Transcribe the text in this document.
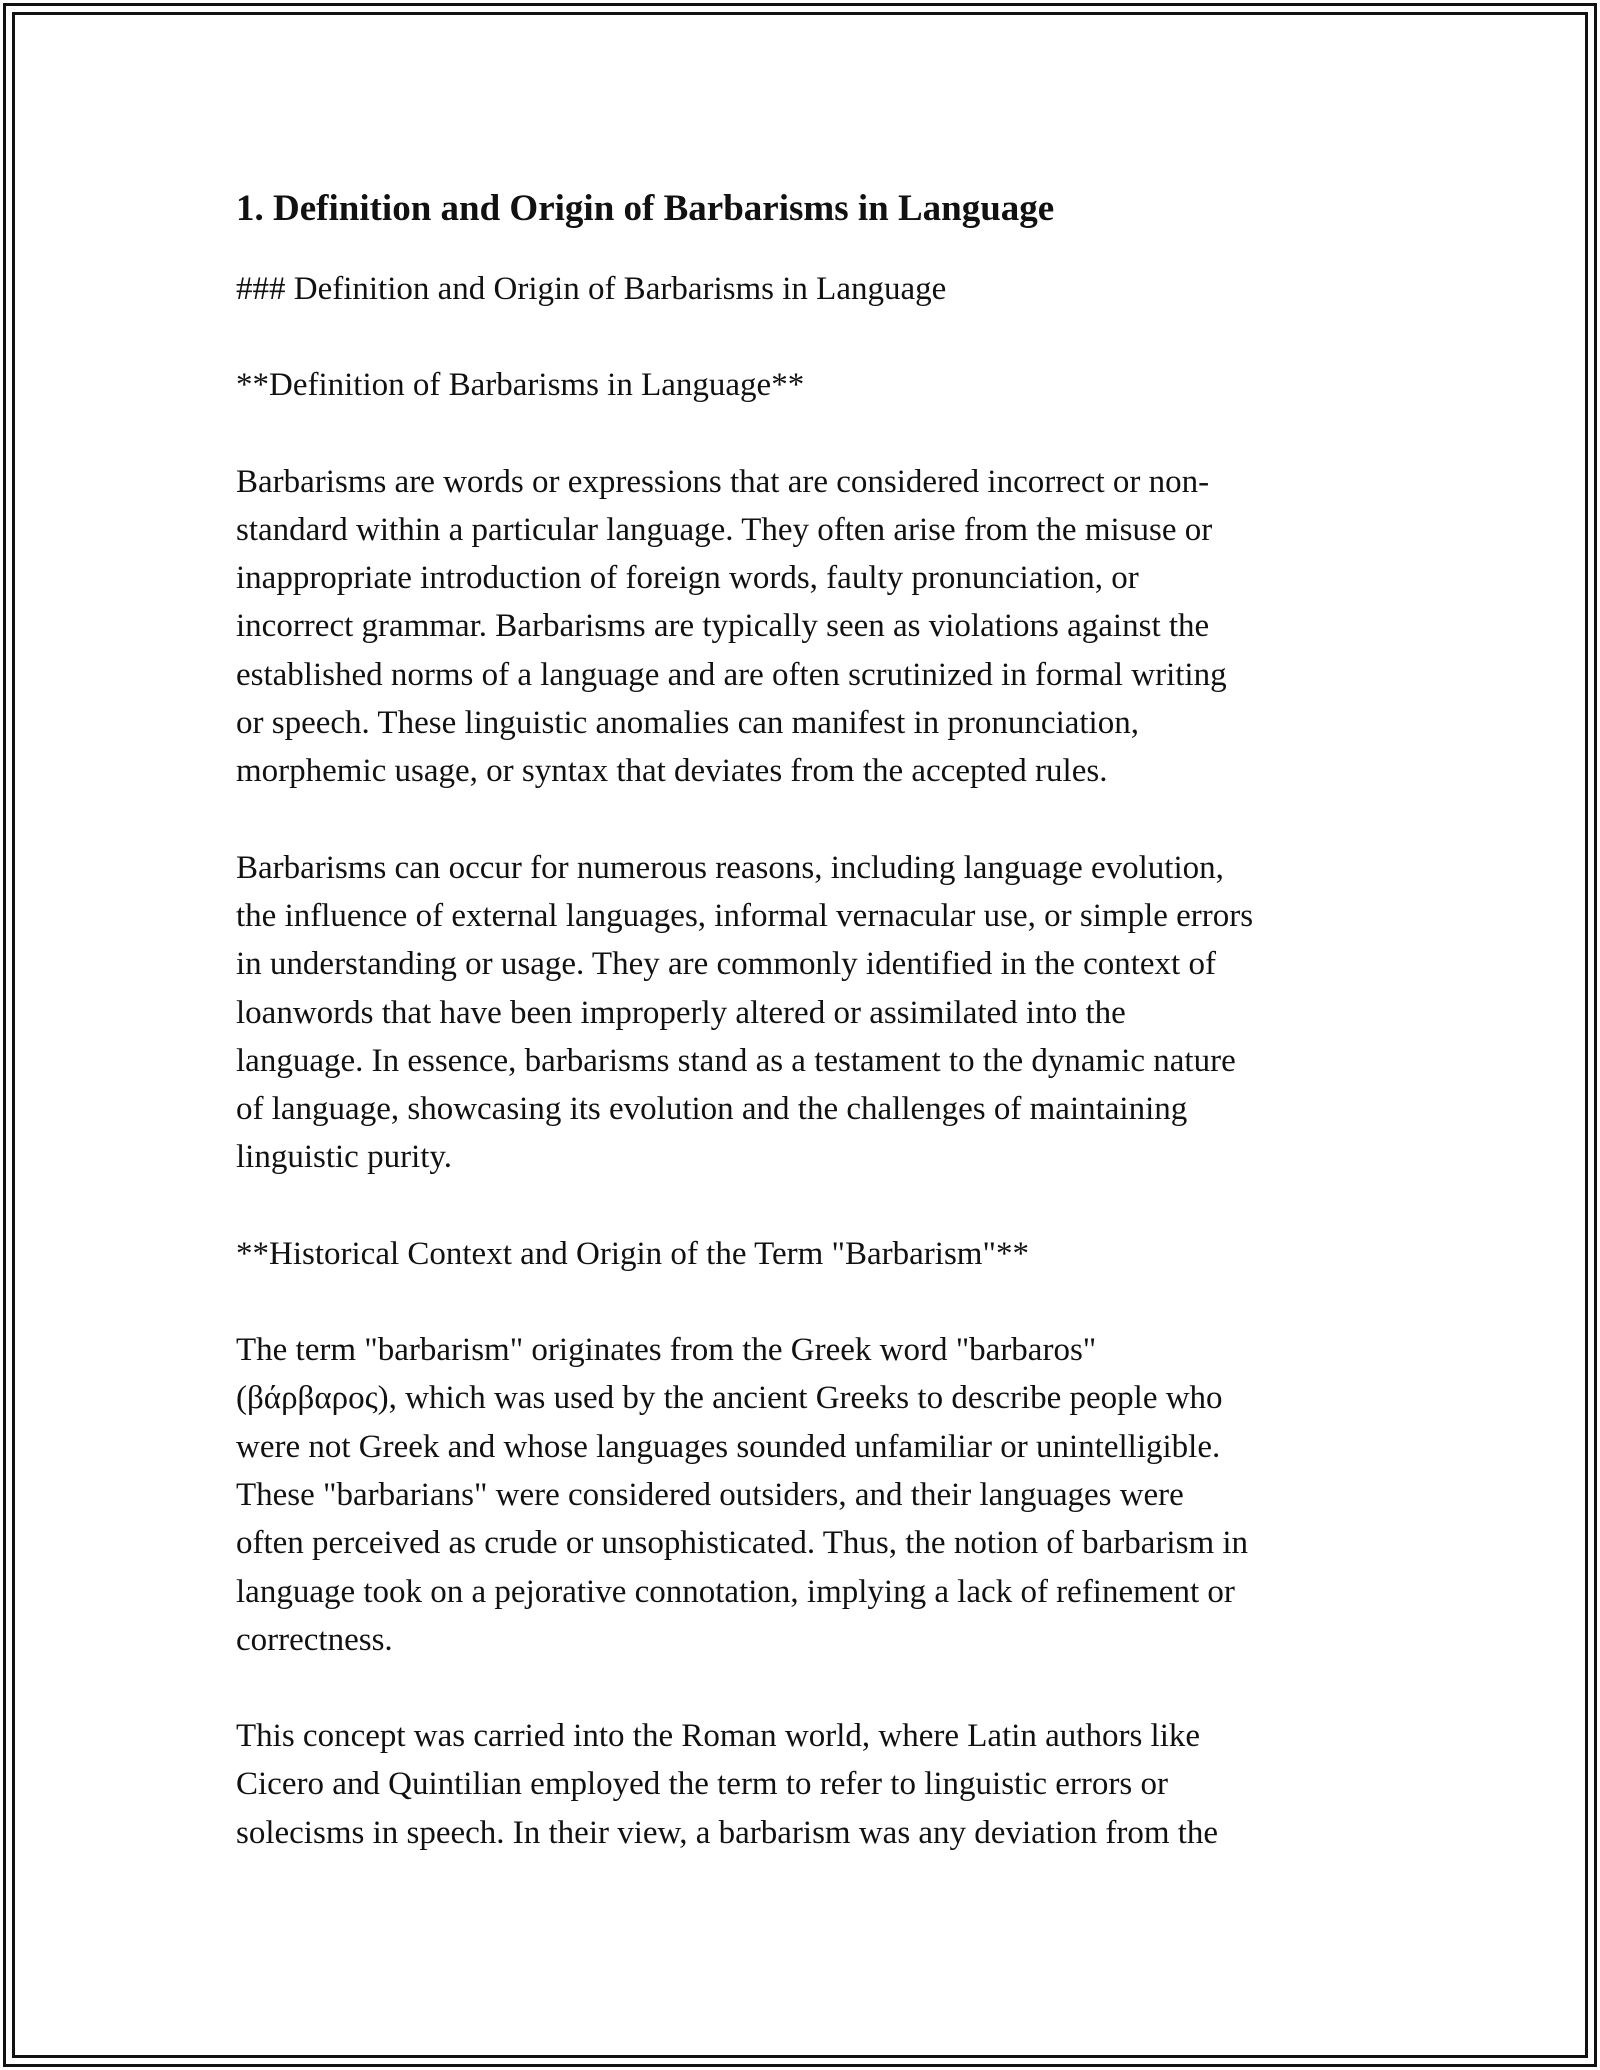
1. Definition and Origin of Barbarisms in Language

### Definition and Origin of Barbarisms in Language

**Definition of Barbarisms in Language**

Barbarisms are words or expressions that are considered incorrect or non-
standard within a particular language. They often arise from the misuse or
inappropriate introduction of foreign words, faulty pronunciation, or
incorrect grammar. Barbarisms are typically seen as violations against the
established norms of a language and are often scrutinized in formal writing
or speech. These linguistic anomalies can manifest in pronunciation,
morphemic usage, or syntax that deviates from the accepted rules.

Barbarisms can occur for numerous reasons, including language evolution,
the influence of external languages, informal vernacular use, or simple errors
in understanding or usage. They are commonly identified in the context of
loanwords that have been improperly altered or assimilated into the
language. In essence, barbarisms stand as a testament to the dynamic nature
of language, showcasing its evolution and the challenges of maintaining
linguistic purity.

**Historical Context and Origin of the Term "Barbarism"**

The term "barbarism" originates from the Greek word "barbaros"
(βάρβαρος), which was used by the ancient Greeks to describe people who
were not Greek and whose languages sounded unfamiliar or unintelligible.
These "barbarians" were considered outsiders, and their languages were
often perceived as crude or unsophisticated. Thus, the notion of barbarism in
language took on a pejorative connotation, implying a lack of refinement or
correctness.

This concept was carried into the Roman world, where Latin authors like
Cicero and Quintilian employed the term to refer to linguistic errors or
solecisms in speech. In their view, a barbarism was any deviation from the
